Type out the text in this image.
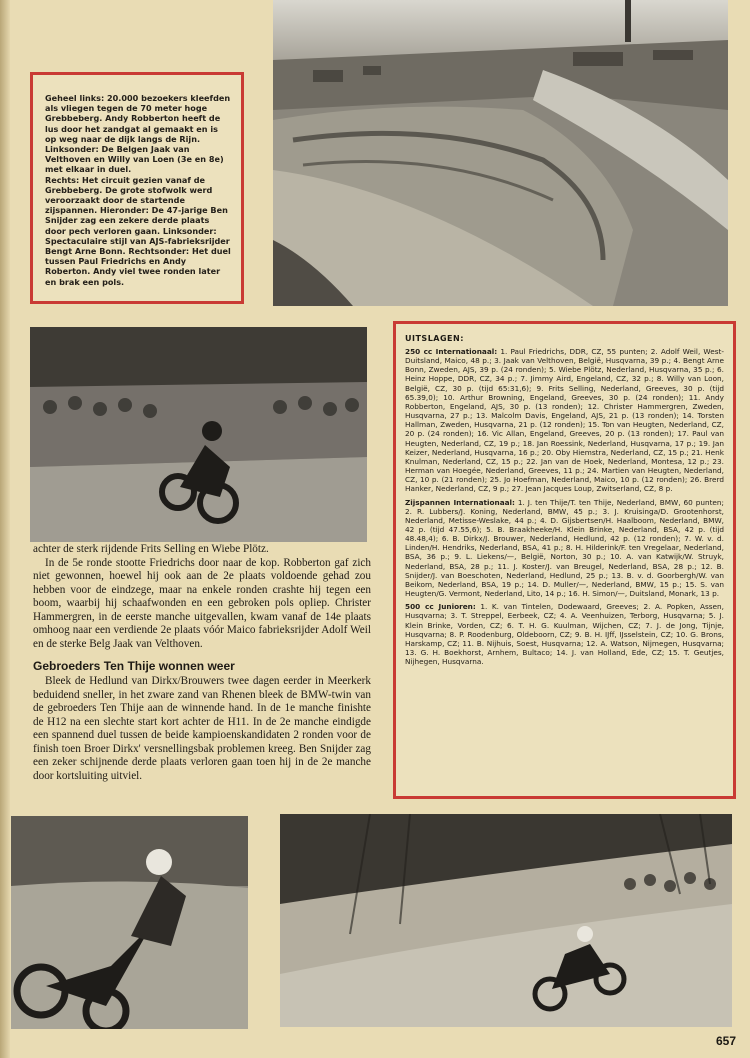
Geheel links: 20.000 bezoekers kleefden als vliegen tegen de 70 meter hoge Grebbeberg. Andy Robberton heeft de lus door het zandgat al gemaakt en is op weg naar de dijk langs de Rijn.
Linksonder: De Belgen Jaak van Velthoven en Willy van Loen (3e en 8e) met elkaar in duel.
Rechts: Het circuit gezien vanaf de Grebbeberg. De grote stofwolk werd veroorzaakt door de startende zijspannen. Hieronder: De 47-jarige Ben Snijder zag een zekere derde plaats door pech verloren gaan. Linksonder: Spectaculaire stijl van AJS-fabrieksrijder Bengt Arne Bonn. Rechtsonder: Het duel tussen Paul Friedrichs en Andy Roberton. Andy viel twee ronden later en brak een pols.

achter de sterk rijdende Frits Selling en Wiebe Plötz.

In de 5e ronde stootte Friedrichs door naar de kop. Robberton gaf zich niet gewonnen, hoewel hij ook aan de 2e plaats voldoende gehad zou hebben voor de eindzege, maar na enkele ronden crashte hij tegen een boom, waarbij hij schaafwonden en een gebroken pols opliep. Christer Hammergren, in de eerste manche uitgevallen, kwam vanaf de 14e plaats omhoog naar een verdiende 2e plaats vóór Maico fabrieksrijder Adolf Weil en de sterke Belg Jaak van Velthoven.

Gebroeders Ten Thije wonnen weer

Bleek de Hedlund van Dirkx/Brouwers twee dagen eerder in Meerkerk beduidend sneller, in het zware zand van Rhenen bleek de BMW-twin van de gebroeders Ten Thije aan de winnende hand. In de 1e manche finishte de H12 na een slechte start kort achter de H11. In de 2e manche eindigde een spannend duel tussen de beide kampioenskandidaten 2 ronden voor de finish toen Broer Dirkx' versnellingsbak problemen kreeg. Ben Snijder zag een zeker schijnende derde plaats verloren gaan toen hij in de 2e manche door kortsluiting uitviel.

UITSLAGEN:

250 cc Internationaal: 1. Paul Friedrichs, DDR, CZ, 55 punten; 2. Adolf Weil, West-Duitsland, Maico, 48 p.; 3. Jaak van Velthoven, België, Husqvarna, 39 p.; 4. Bengt Arne Bonn, Zweden, AJS, 39 p. (24 ronden); 5. Wiebe Plötz, Nederland, Husqvarna, 35 p.; 6. Heinz Hoppe, DDR, CZ, 34 p.; 7. Jimmy Aird, Engeland, CZ, 32 p.; 8. Willy van Loon, België, CZ, 30 p. (tijd 65:31,6); 9. Frits Selling, Nederland, Greeves, 30 p. (tijd 65.39,0); 10. Arthur Browning, Engeland, Greeves, 30 p. (24 ronden); 11. Andy Robberton, Engeland, AJS, 30 p. (13 ronden); 12. Christer Hammergren, Zweden, Husqvarna, 27 p.; 13. Malcolm Davis, Engeland, AJS, 21 p. (13 ronden); 14. Torsten Hallman, Zweden, Husqvarna, 21 p. (12 ronden); 15. Ton van Heugten, Nederland, CZ, 20 p. (24 ronden); 16. Vic Allan, Engeland, Greeves, 20 p. (13 ronden); 17. Paul van Heugten, Nederland, CZ, 19 p.; 18. Jan Roessink, Nederland, Husqvarna, 17 p.; 19. Jan Keizer, Nederland, Husqvarna, 16 p.; 20. Oby Hiemstra, Nederland, CZ, 15 p.; 21. Henk Knulman, Nederland, CZ, 15 p.; 22. Jan van de Hoek, Nederland, Montesa, 12 p.; 23. Herman van Hoegée, Nederland, Greeves, 11 p.; 24. Martien van Heugten, Nederland, CZ, 10 p. (21 ronden); 25. Jo Hoefman, Nederland, Maico, 10 p. (12 ronden); 26. Brerd Hanker, Nederland, CZ, 9 p.; 27. Jean Jacques Loup, Zwitserland, CZ, 8 p.

Zijspannen Internationaal: 1. J. ten Thije/T. ten Thije, Nederland, BMW, 60 punten; 2. R. Lubbers/J. Koning, Nederland, BMW, 45 p.; 3. J. Kruisinga/D. Grootenhorst, Nederland, Metisse-Weslake, 44 p.; 4. D. Gijsbertsen/H. Haalboom, Nederland, BMW, 42 p. (tijd 47.55,6); 5. B. Braakheeke/H. Klein Brinke, Nederland, BSA, 42 p. (tijd 48.48,4); 6. B. Dirkx/J. Brouwer, Nederland, Hedlund, 42 p. (12 ronden); 7. W. v. d. Linden/H. Hendriks, Nederland, BSA, 41 p.; 8. H. Hilderink/F. ten Vregelaar, Nederland, BSA, 36 p.; 9. L. Liekens/—, België, Norton, 30 p.; 10. A. van Katwijk/W. Struyk, Nederland, BSA, 28 p.; 11. J. Koster/J. van Breugel, Nederland, BSA, 28 p.; 12. B. Snijder/J. van Boeschoten, Nederland, Hedlund, 25 p.; 13. B. v. d. Goorbergh/W. van Beikom, Nederland, BSA, 19 p.; 14. D. Muller/—, Nederland, BMW, 15 p.; 15. S. van Heugten/G. Vermont, Nederland, Lito, 14 p.; 16. H. Simon/—, Duitsland, Monark, 13 p.

500 cc Junioren: 1. K. van Tintelen, Dodewaard, Greeves; 2. A. Popken, Assen, Husqvarna; 3. T. Streppel, Eerbeek, CZ; 4. A. Veenhuizen, Terborg, Husqvarna; 5. J. Klein Brinke, Vorden, CZ; 6. T. H. G. Kuulman, Wijchen, CZ; 7. J. de Jong, Tijnje, Husqvarna; 8. P. Roodenburg, Oldeboorn, CZ; 9. B. H. IJff, IJsselstein, CZ; 10. G. Brons, Harskamp, CZ; 11. B. Nijhuis, Soest, Husqvarna; 12. A. Watson, Nijmegen, Husqvarna; 13. G. H. Boekhorst, Arnhem, Bultaco; 14. J. van Holland, Ede, CZ; 15. T. Geutjes, Nijhegen, Husqvarna.

657
